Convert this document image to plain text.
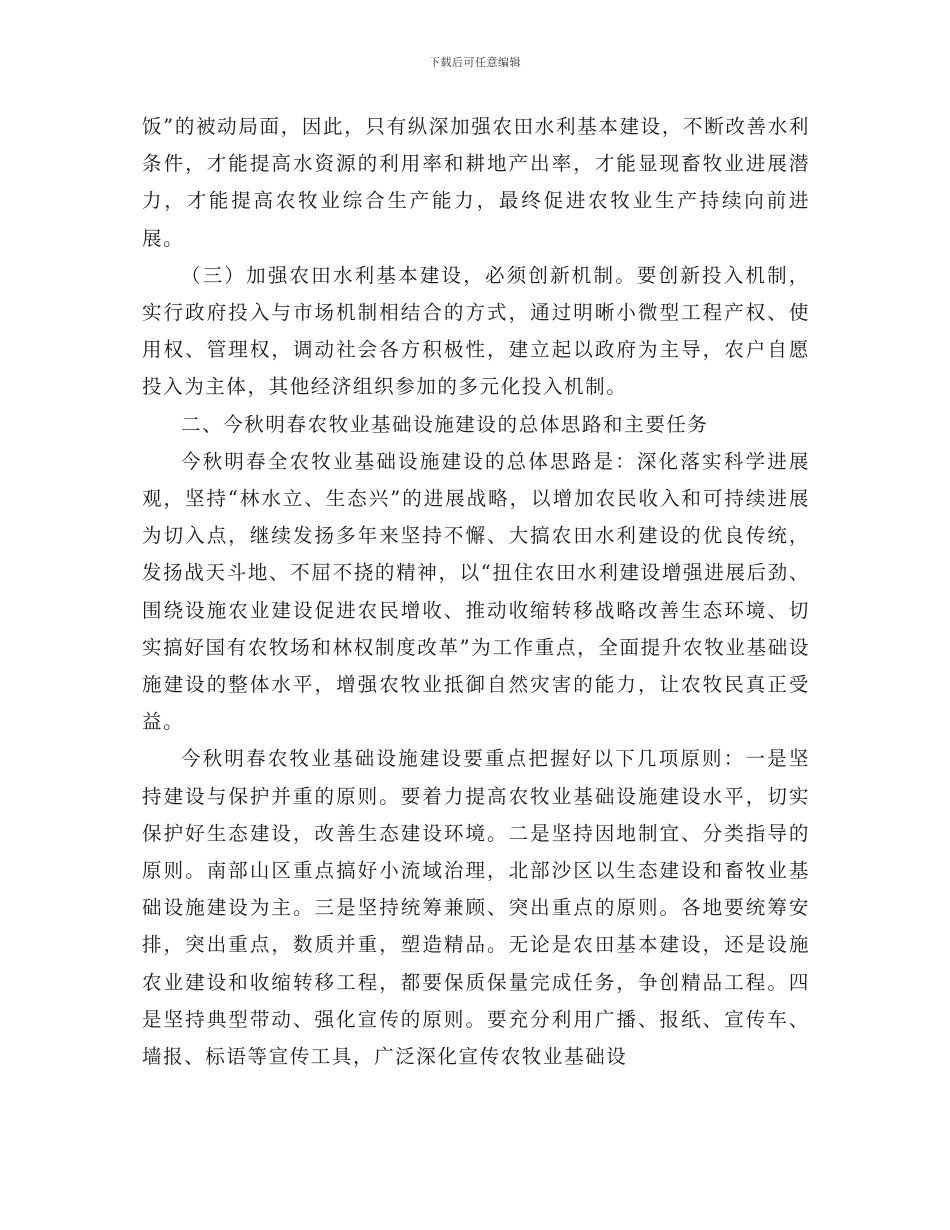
下载后可任意编辑

饭”的被动局面，因此，只有纵深加强农田水利基本建设，不断改善水利条件，才能提高水资源的利用率和耕地产出率，才能显现畜牧业进展潜力，才能提高农牧业综合生产能力，最终促进农牧业生产持续向前进展。

（三）加强农田水利基本建设，必须创新机制。要创新投入机制，实行政府投入与市场机制相结合的方式，通过明晰小微型工程产权、使用权、管理权，调动社会各方积极性，建立起以政府为主导，农户自愿投入为主体，其他经济组织参加的多元化投入机制。

二、今秋明春农牧业基础设施建设的总体思路和主要任务

今秋明春全农牧业基础设施建设的总体思路是：深化落实科学进展观，坚持“林水立、生态兴”的进展战略，以增加农民收入和可持续进展为切入点，继续发扬多年来坚持不懈、大搞农田水利建设的优良传统，发扬战天斗地、不屈不挠的精神，以“扭住农田水利建设增强进展后劲、围绕设施农业建设促进农民增收、推动收缩转移战略改善生态环境、切实搞好国有农牧场和林权制度改革”为工作重点，全面提升农牧业基础设施建设的整体水平，增强农牧业抵御自然灾害的能力，让农牧民真正受益。

今秋明春农牧业基础设施建设要重点把握好以下几项原则：一是坚持建设与保护并重的原则。要着力提高农牧业基础设施建设水平，切实保护好生态建设，改善生态建设环境。二是坚持因地制宜、分类指导的原则。南部山区重点搞好小流域治理，北部沙区以生态建设和畜牧业基础设施建设为主。三是坚持统筹兼顾、突出重点的原则。各地要统筹安排，突出重点，数质并重，塑造精品。无论是农田基本建设，还是设施农业建设和收缩转移工程，都要保质保量完成任务，争创精品工程。四是坚持典型带动、强化宣传的原则。要充分利用广播、报纸、宣传车、墙报、标语等宣传工具，广泛深化宣传农牧业基础设
